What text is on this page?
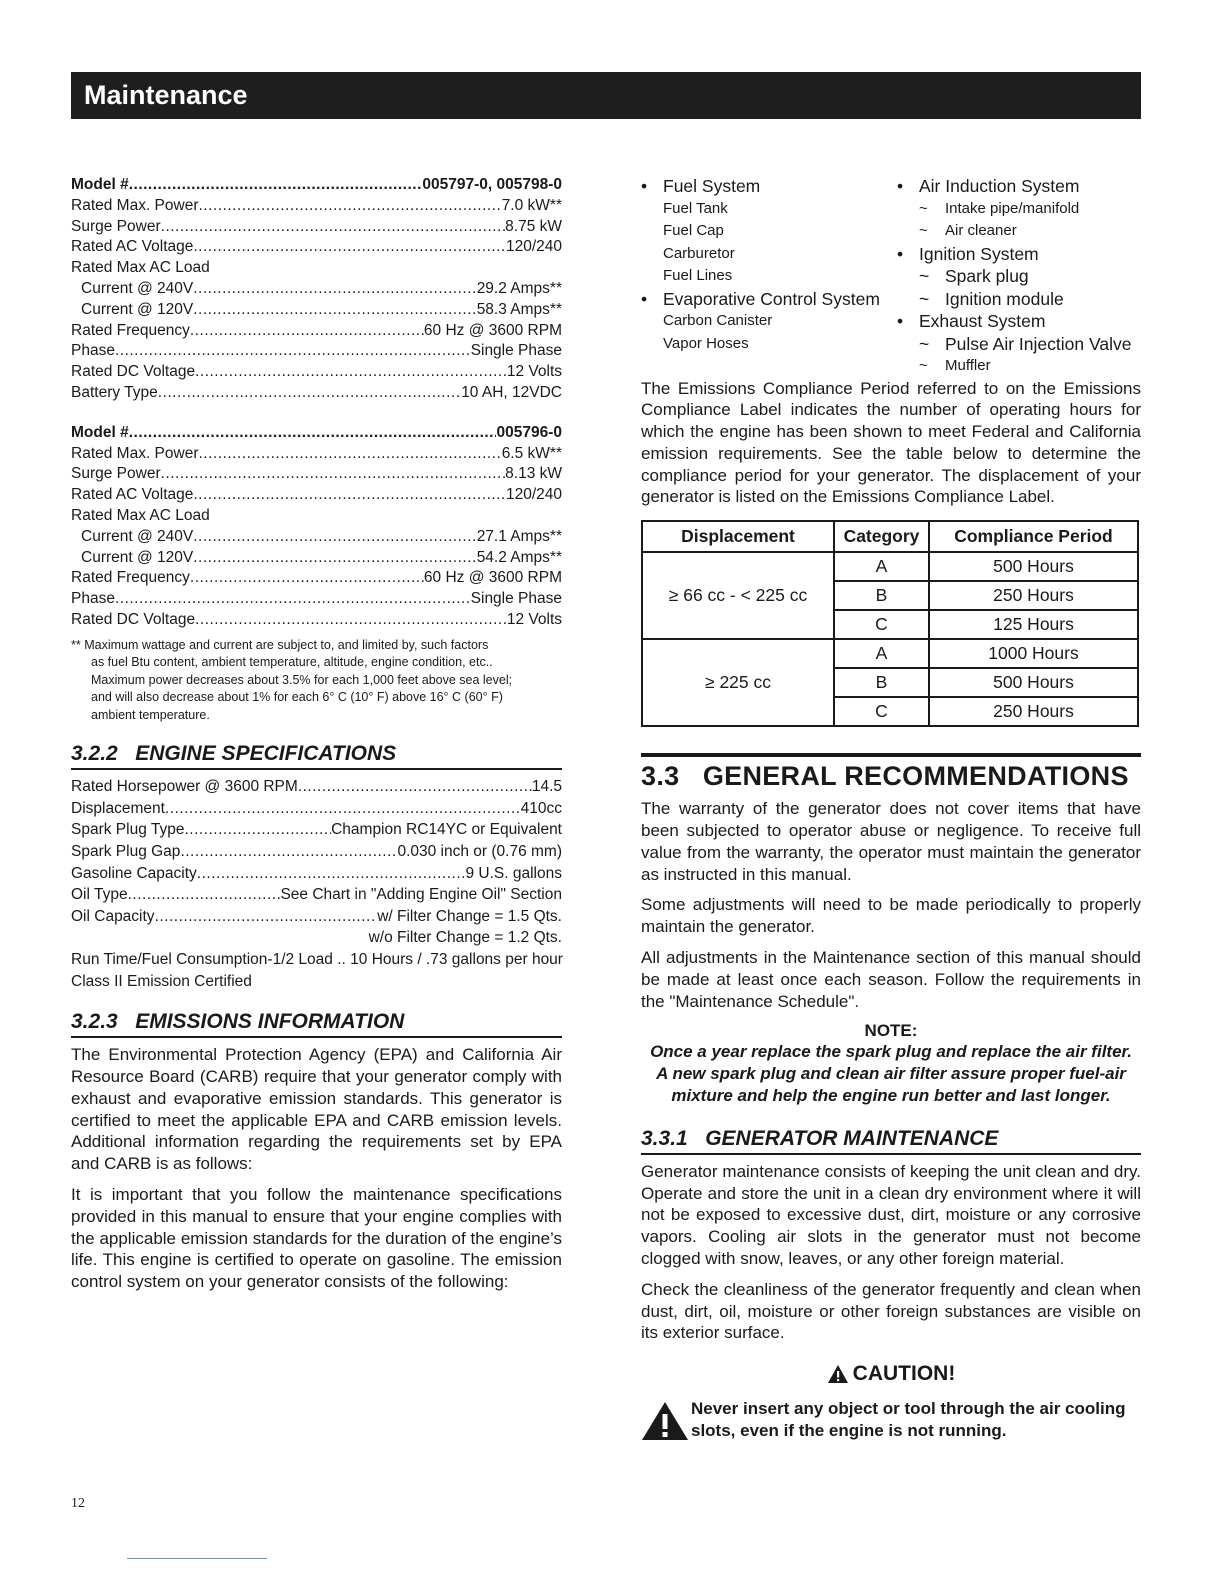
Maintenance
Model # .....	005797-0, 005798-0
Rated Max. Power .....	7.0 kW**
Surge Power .....	8.75 kW
Rated AC Voltage .....	120/240
Rated Max AC Load
Current @ 240V .....	29.2 Amps**
Current @ 120V .....	58.3 Amps**
Rated Frequency .....	60 Hz @ 3600 RPM
Phase .....	Single Phase
Rated DC Voltage .....	12 Volts
Battery Type .....	10 AH, 12VDC
Model # .....	005796-0
Rated Max. Power .....	6.5 kW**
Surge Power .....	8.13 kW
Rated AC Voltage .....	120/240
Rated Max AC Load
Current @ 240V .....	27.1 Amps**
Current @ 120V .....	54.2 Amps**
Rated Frequency .....	60 Hz @ 3600 RPM
Phase .....	Single Phase
Rated DC Voltage .....	12 Volts
** Maximum wattage and current are subject to, and limited by, such factors
as fuel Btu content, ambient temperature, altitude, engine condition, etc..
Maximum power decreases about 3.5% for each 1,000 feet above sea level;
and will also decrease about 1% for each 6° C (10° F) above 16° C (60° F)
ambient temperature.
3.2.2   ENGINE SPECIFICATIONS
Rated Horsepower @ 3600 RPM .....	14.5
Displacement .....	410cc
Spark Plug Type .....	Champion RC14YC or Equivalent
Spark Plug Gap .....	0.030 inch or (0.76 mm)
Gasoline Capacity .....	9 U.S. gallons
Oil Type .....	See Chart in "Adding Engine Oil" Section
Oil Capacity .....	w/ Filter Change = 1.5 Qts.
w/o Filter Change = 1.2 Qts.
Run Time/Fuel Consumption-1/2 Load .. 10 Hours / .73 gallons per hour
Class II Emission Certified
3.2.3   EMISSIONS INFORMATION

The Environmental Protection Agency (EPA) and California Air Resource Board (CARB) require that your generator comply with exhaust and evaporative emission standards. This generator is certified to meet the applicable EPA and CARB emission levels. Additional information regarding the requirements set by EPA and CARB is as follows:

It is important that you follow the maintenance specifications provided in this manual to ensure that your engine complies with the applicable emission standards for the duration of the engine’s life. This engine is certified to operate on gasoline. The emission control system on your generator consists of the following:

• Fuel System
Fuel Tank
Fuel Cap
Carburetor
Fuel Lines
• Evaporative Control System
Carbon Canister
Vapor Hoses
• Air Induction System
~ Intake pipe/manifold
~ Air cleaner
• Ignition System
~ Spark plug
~ Ignition module
• Exhaust System
~ Pulse Air Injection Valve
~ Muffler

The Emissions Compliance Period referred to on the Emissions Compliance Label indicates the number of operating hours for which the engine has been shown to meet Federal and California emission requirements. See the table below to determine the compliance period for your generator. The displacement of your generator is listed on the Emissions Compliance Label.

Displacement	Category	Compliance Period
≥ 66 cc - < 225 cc	A	500 Hours
	B	250 Hours
	C	125 Hours
≥ 225 cc	A	1000 Hours
	B	500 Hours
	C	250 Hours
3.3   GENERAL RECOMMENDATIONS

The warranty of the generator does not cover items that have been subjected to operator abuse or negligence. To receive full value from the warranty, the operator must maintain the generator as instructed in this manual.

Some adjustments will need to be made periodically to properly maintain the generator.

All adjustments in the Maintenance section of this manual should be made at least once each season. Follow the requirements in the "Maintenance Schedule".

NOTE:
Once a year replace the spark plug and replace the air filter.
A new spark plug and clean air filter assure proper fuel-air
mixture and help the engine run better and last longer.
3.3.1   GENERATOR MAINTENANCE

Generator maintenance consists of keeping the unit clean and dry. Operate and store the unit in a clean dry environment where it will not be exposed to excessive dust, dirt, moisture or any corrosive vapors. Cooling air slots in the generator must not become clogged with snow, leaves, or any other foreign material.

Check the cleanliness of the generator frequently and clean when dust, dirt, oil, moisture or other foreign substances are visible on its exterior surface.

CAUTION!
Never insert any object or tool through the air cooling
slots, even if the engine is not running.
12
